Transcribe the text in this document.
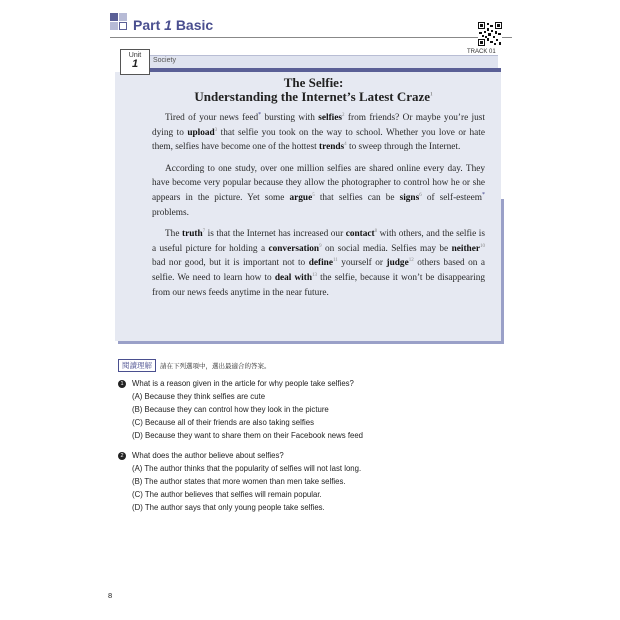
Part 1 Basic
TRACK 01
Unit
1	Society
The Selfie:
Understanding the Internet’s Latest Craze$^1$

Tired of your news feed* bursting with selfies$^2$ from friends? Or maybe you’re just dying to upload$^3$ that selfie you took on the way to school. Whether you love or hate them, selfies have become one of the hottest trends$^4$ to sweep through the Internet.

According to one study, over one million selfies are shared online every day. They have become very popular because they allow the photographer to control how he or she appears in the picture. Yet some argue$^5$ that selfies can be signs$^6$ of self-esteem* problems.

The truth$^7$ is that the Internet has increased our contact$^8$ with others, and the selfie is a useful picture for holding a conversation$^9$ on social media. Selfies may be neither$^{10}$ bad nor good, but it is important not to define$^{11}$ yourself or judge$^{12}$ others based on a selfie. We need to learn how to deal with$^{13}$ the selfie, because it won’t be disappearing from our news feeds anytime in the near future.

閱讀理解	請在下列選項中，選出最適合的答案。
1	What is a reason given in the article for why people take selfies?
(A) Because they think selfies are cute
(B) Because they can control how they look in the picture
(C) Because all of their friends are also taking selfies
(D) Because they want to share them on their Facebook news feed
2	What does the author believe about selfies?
(A) The author thinks that the popularity of selfies will not last long.
(B) The author states that more women than men take selfies.
(C) The author believes that selfies will remain popular.
(D) The author says that only young people take selfies.
8
